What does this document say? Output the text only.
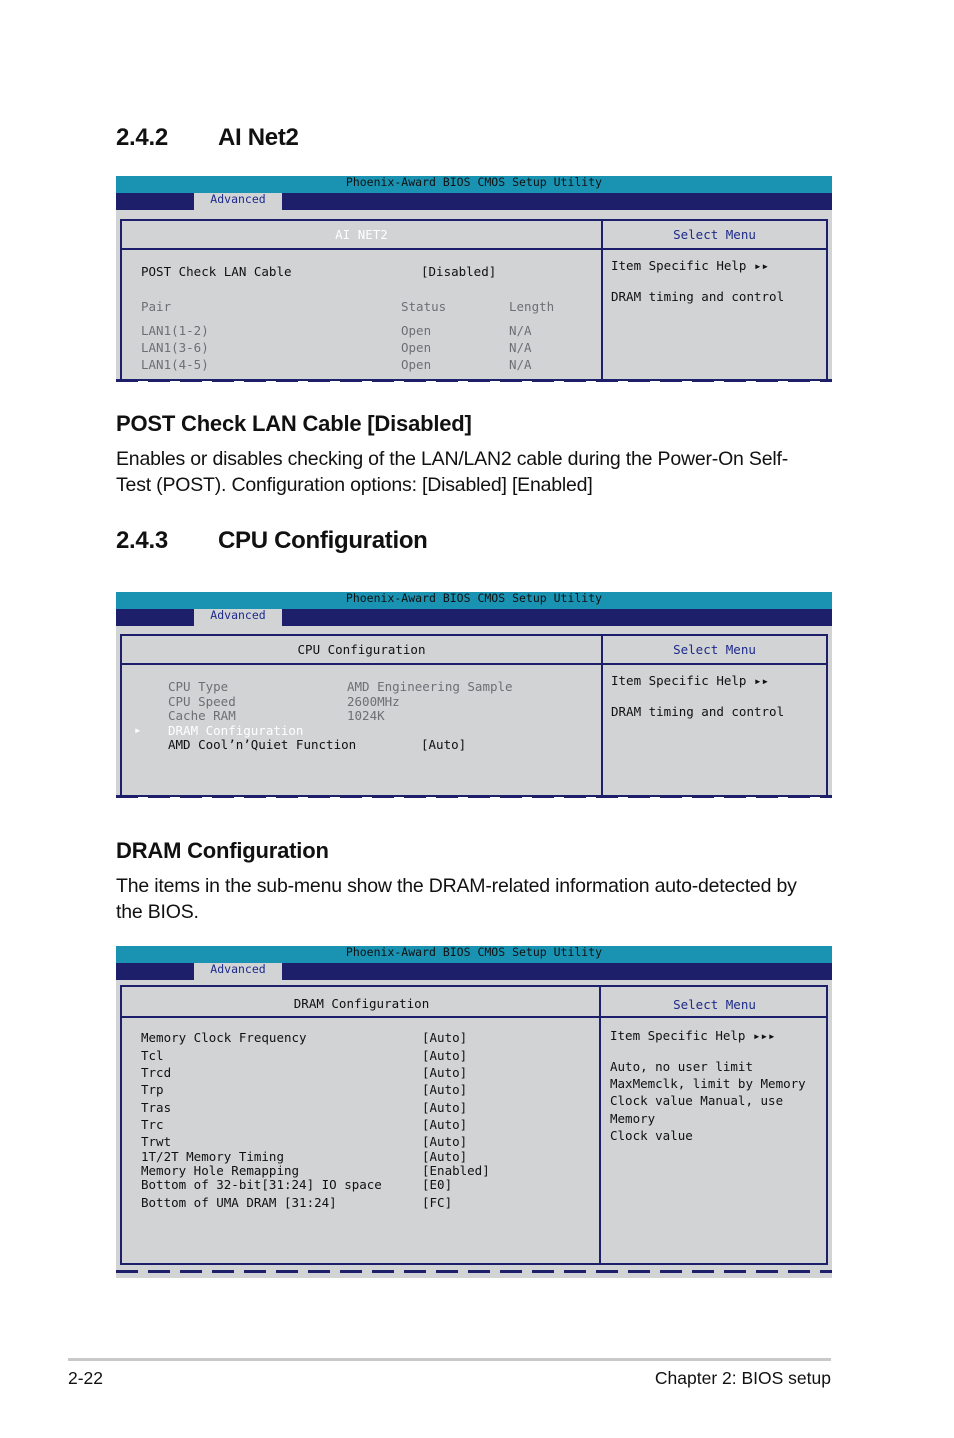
2.4.2 AI Net2
Phoenix-Award BIOS CMOS Setup Utility
Advanced
AI NET2	Select Menu
POST Check LAN Cable	[Disabled]
Pair	Status	Length
LAN1(1-2)	Open	N/A
LAN1(3-6)	Open	N/A
LAN1(4-5)	Open	N/A
Item Specific Help ▸▸
DRAM timing and control
POST Check LAN Cable [Disabled]
Enables or disables checking of the LAN/LAN2 cable during the Power-On Self-
Test (POST). Configuration options: [Disabled] [Enabled]
2.4.3 CPU Configuration
Phoenix-Award BIOS CMOS Setup Utility
Advanced
CPU Configuration	Select Menu
CPU Type	AMD Engineering Sample
CPU Speed	2600MHz
Cache RAM	1024K
▸ DRAM Configuration
AMD Cool’n’Quiet Function	[Auto]
Item Specific Help ▸▸
DRAM timing and control
DRAM Configuration
The items in the sub-menu show the DRAM-related information auto-detected by
the BIOS.
Phoenix-Award BIOS CMOS Setup Utility
Advanced
DRAM Configuration	Select Menu
Memory Clock Frequency	[Auto]
Tcl	[Auto]
Trcd	[Auto]
Trp	[Auto]
Tras	[Auto]
Trc	[Auto]
Trwt	[Auto]
1T/2T Memory Timing	[Auto]
Memory Hole Remapping	[Enabled]
Bottom of 32-bit[31:24] IO space	[E0]
Bottom of UMA DRAM [31:24]	[FC]
Item Specific Help ▸▸▸
Auto, no user limit
MaxMemclk, limit by Memory
Clock value Manual, use
Memory
Clock value
2-22	Chapter 2: BIOS setup
